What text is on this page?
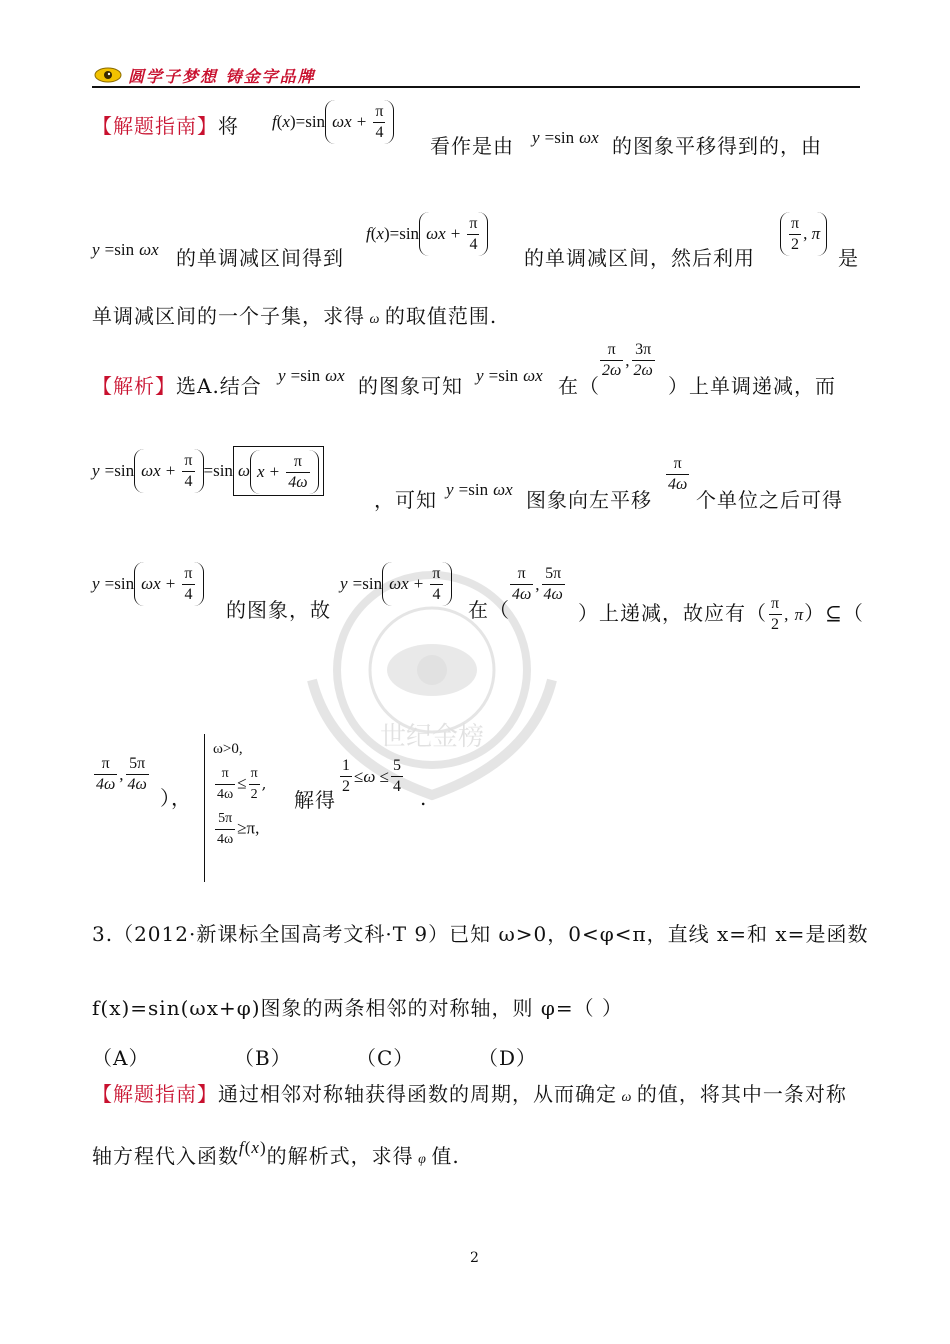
圆学子梦想 铸金字品牌
世纪金榜
【解题指南】将 f(x)=sin $\omega x + \frac{\pi}{4}$
看作是由 y =sin ωx 的图象平移得到的，由
y =sin ωx 的单调减区间得到
f(x)=sin $\omega x + \frac{\pi}{4}$
的单调减区间，然后利用
$\frac{\pi}{2}$ , π
是
单调减区间的一个子集，求得 ω 的取值范围.
【解析】选A.结合 y =sin ωx 的图象可知 y =sin ωx 在（
$\frac{\pi}{2\omega}$ , $\frac{3\pi}{2\omega}$
）上单调递减，而
y =sin $\omega x + \frac{\pi}{4} =\sin$ ω $x + \frac{\pi}{4\omega}$
，可知 y =sin ωx 图象向左平移
$\frac{\pi}{4\omega}$
个单位之后可得
y =sin $\omega x + \frac{\pi}{4}$
的图象，故
y =sin $\omega x + \frac{\pi}{4}$
在（
$\frac{\pi}{4\omega}$ , $\frac{5\pi}{4\omega}$
）上递减，故应有（ $\frac{\pi}{2}$ , π）⊆（
$\frac{\pi}{4\omega}$ , $\frac{5\pi}{4\omega}$
），
ω>0,
$\frac{\pi}{4\omega} \le \frac{\pi}{2}$ ,
$\frac{5\pi}{4\omega} \ge\pi$,
解得
$\frac{1}{2} \le\omega \le \frac{5}{4}$
.
3.（2012·新课标全国高考文科·T 9）已知 ω>0，0<φ<π，直线 x=和 x=是函数
f(x)=sin(ωx+φ)图象的两条相邻的对称轴，则 φ=（ ）
（A）	（B）	（C）	（D）
【解题指南】通过相邻对称轴获得函数的周期，从而确定 ω 的值，将其中一条对称
轴方程代入函数$^{f(x)}$的解析式，求得 φ 值.
2
